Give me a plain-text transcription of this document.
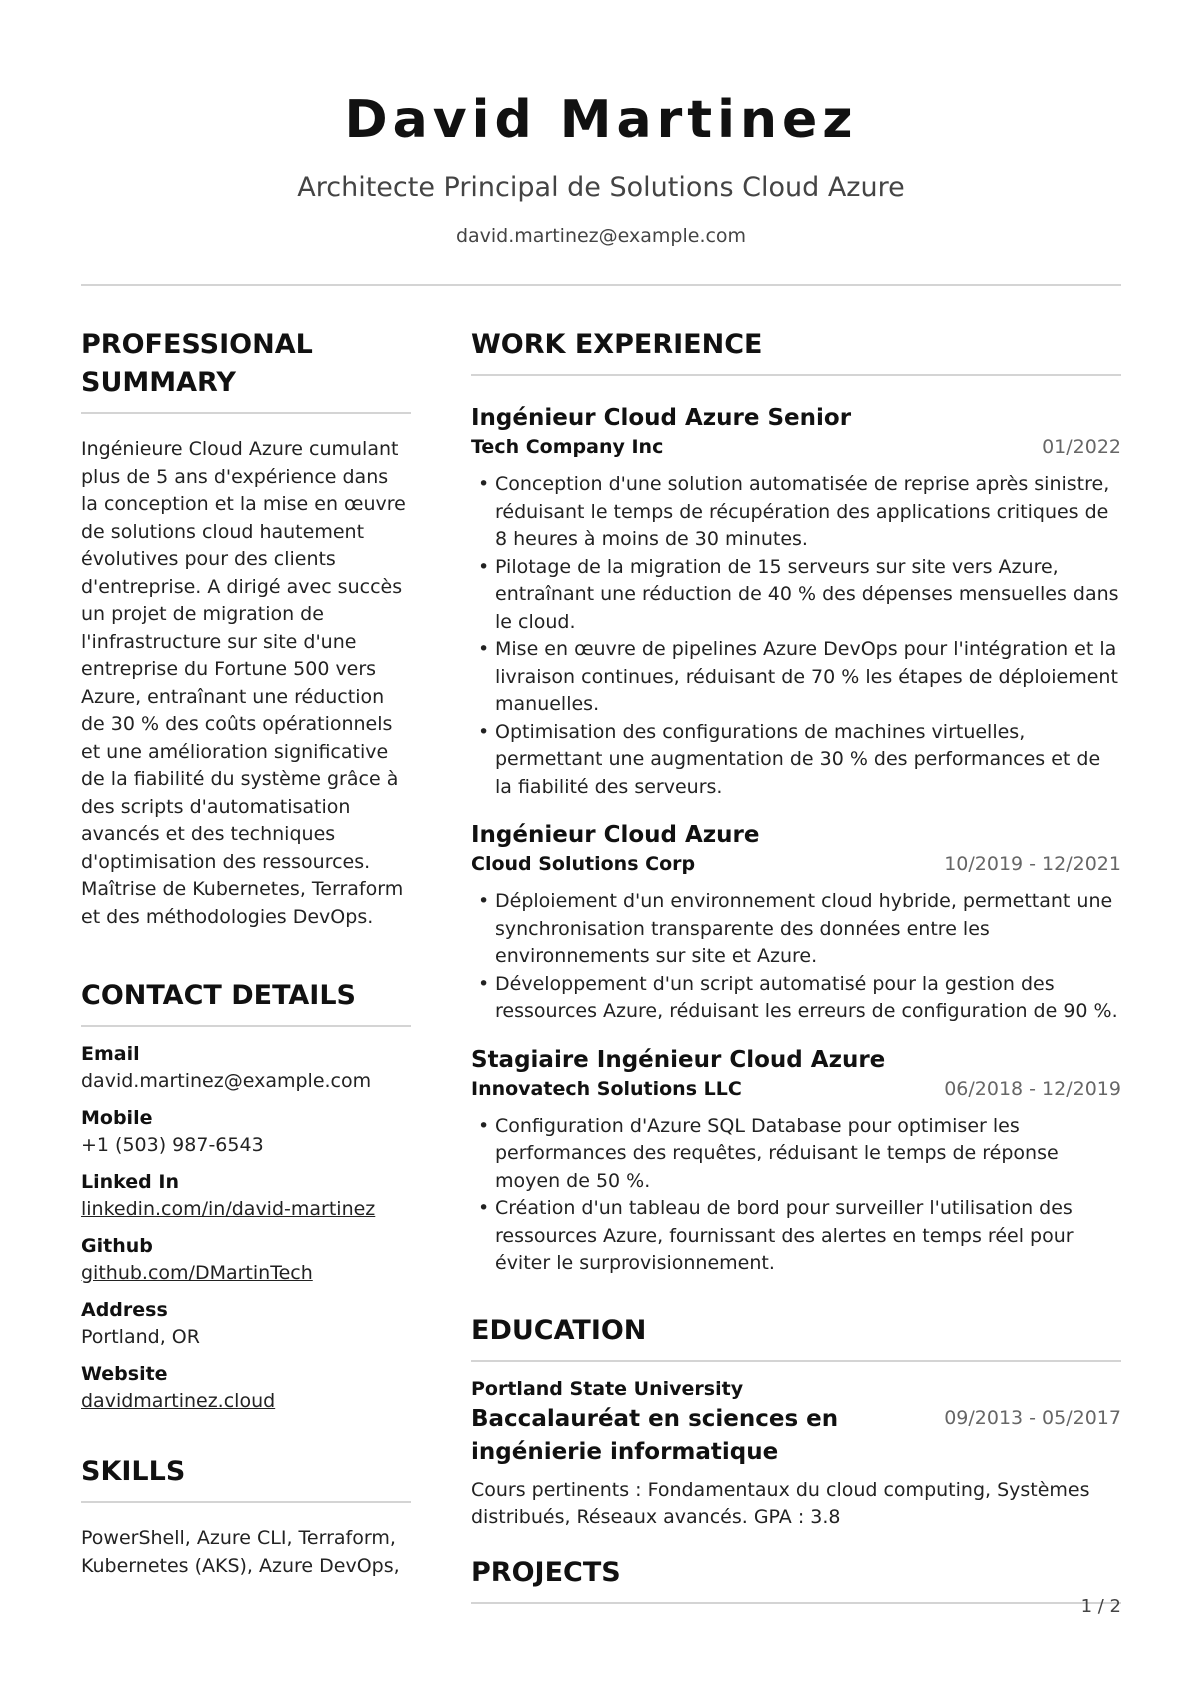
David Martinez
Architecte Principal de Solutions Cloud Azure
david.martinez@example.com
PROFESSIONAL SUMMARY
Ingénieure Cloud Azure cumulant plus de 5 ans d'expérience dans la conception et la mise en œuvre de solutions cloud hautement évolutives pour des clients d'entreprise. A dirigé avec succès un projet de migration de l'infrastructure sur site d'une entreprise du Fortune 500 vers Azure, entraînant une réduction de 30 % des coûts opérationnels et une amélioration significative de la fiabilité du système grâce à des scripts d'automatisation avancés et des techniques d'optimisation des ressources. Maîtrise de Kubernetes, Terraform et des méthodologies DevOps.
CONTACT DETAILS
Email
david.martinez@example.com
Mobile
+1 (503) 987-6543
Linked In
linkedin.com/in/david-martinez
Github
github.com/DMartinTech
Address
Portland, OR
Website
davidmartinez.cloud
SKILLS
PowerShell, Azure CLI, Terraform, Kubernetes (AKS), Azure DevOps,
WORK EXPERIENCE
Ingénieur Cloud Azure Senior
Tech Company Inc	01/2022
• Conception d'une solution automatisée de reprise après sinistre, réduisant le temps de récupération des applications critiques de 8 heures à moins de 30 minutes.
• Pilotage de la migration de 15 serveurs sur site vers Azure, entraînant une réduction de 40 % des dépenses mensuelles dans le cloud.
• Mise en œuvre de pipelines Azure DevOps pour l'intégration et la livraison continues, réduisant de 70 % les étapes de déploiement manuelles.
• Optimisation des configurations de machines virtuelles, permettant une augmentation de 30 % des performances et de la fiabilité des serveurs.
Ingénieur Cloud Azure
Cloud Solutions Corp	10/2019 - 12/2021
• Déploiement d'un environnement cloud hybride, permettant une synchronisation transparente des données entre les environnements sur site et Azure.
• Développement d'un script automatisé pour la gestion des ressources Azure, réduisant les erreurs de configuration de 90 %.
Stagiaire Ingénieur Cloud Azure
Innovatech Solutions LLC	06/2018 - 12/2019
• Configuration d'Azure SQL Database pour optimiser les performances des requêtes, réduisant le temps de réponse moyen de 50 %.
• Création d'un tableau de bord pour surveiller l'utilisation des ressources Azure, fournissant des alertes en temps réel pour éviter le surprovisionnement.
EDUCATION
Portland State University
Baccalauréat en sciences en ingénierie informatique
09/2013 - 05/2017
Cours pertinents : Fondamentaux du cloud computing, Systèmes distribués, Réseaux avancés. GPA : 3.8
PROJECTS
1 / 2
